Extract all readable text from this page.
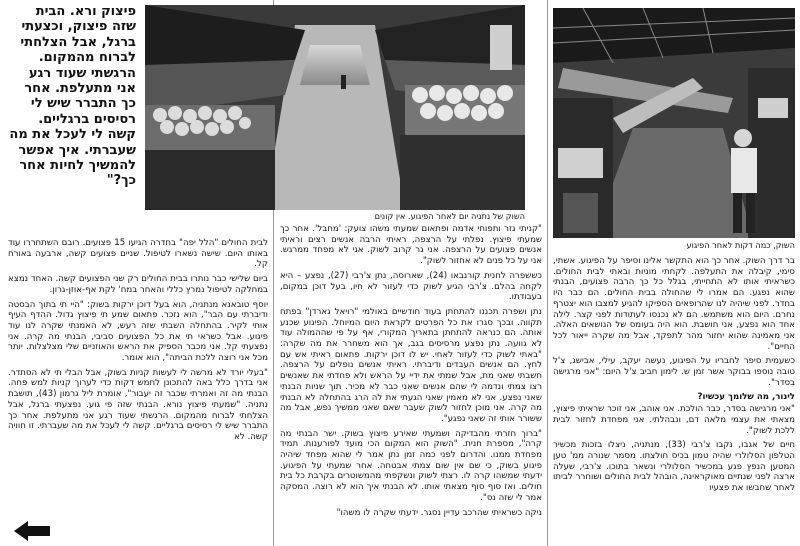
פיצוק ורא. הבית שזה פיצוק, וכצעתי ברגל, אבל הצלחתי לברוח מהמקום. הרגשתי שעוד רגע אני מתעלפת. אחר כך התברר שיש לי רסיסים ברגליים. קשה לי לעכל את מה שעברתי. איך אפשר להמשיך לחיות אחר כך?"
השוק של נתניה יום לאחר הפיגוע. אין קונים
השוק, כמה דקות לאחר הפיגוע

לבית החולים "הלל יפה" בחדרה הגיעו 15 פצועים. רובם השתחררו עוד באותו היום. שישה נשארו לטיפול. שניים פצועים קשה, ארבעה באורח קל.

ביום שלישי כבר נותרו בבית החולים רק שני הפצועים קשה. האחד נמצא במחלקה לטיפול נמרץ כללי והאחר במח' לקת אף-אוזן-גרון.

יוסף טובאנא מנתניה, הוא בעל דוכן ירקות בשוק: "היי תי בתוך הבסטה ודיברתי עם הבר", הוא נזכר. פתאום שמע תי פיצוץ גדול. ההדף העיף אותי לקיר. בהתחלה השבתי שזה רעש, לא האמנתי שקרה לנו עוד פיגוע. אבל כשראי תי את כל הפצועים סביבי, הבנתי מה קרה. אני נפצעתי קל. אני מכבר הספיק את הראש והאוזניים שלי מצלצלות. יותר מכל אני רוצה ללכת הביתה", הוא אומר.

"בעלי יורד לא מרשה לי לעשות קניות בשוק, אבל הבלי תי לא הסתדר. אני בדרך כלל באה להתכונן לחמש דקות כדי לערוך קניות למש פחה. הבנתי מה זה ואמרתי שכבר זה יעבור", אומרת ליל גרמון (43), תושבת נתניה. "שמעתי פיצוץ נורא. הבנתי שזה פי גוע. נפצעתי ברגל, אבל הצלחתי לברוח מהמקום. הרגשתי שעוד רגע אני מתעלפת. אחר כך התברר שיש לי רסיסים ברגליים. קשה לי לעכל את מה שעברתי. זו חוויה קשה. לא

"קניתי גזר ותפוחי אדמה ופתאום שמעתי משהו צועק: 'מחבל'. אחר כך שמעתי פיצוץ. נפלתי על הרצפה, ראיתי הרבה אנשים רצים וראיתי אנשים פצועים על הרצפה. אני גר קרוב לשוק. אני לא מפחד ממרגש. אני על כל פנים לא אחזור לשוק".

כששפרה לחנית קורנבאו (24), שארוסה, נתן צ'רבי (27), נפצע – היא לקחה בהלם. צ'רבי הגיע לשוק כדי לעזור לא חיו, בעל דוכן במקום, בעבודתו.

נתן ושפרה תכננו להתחתן בעוד חודשיים באולמי "רויאל גארדן" בפתח תקווה. ובכך סגרו את כל הפרטים לקראת היום המיוחל. הפיגוע שכנע אותה. הם כנראה להתחתן בתאריך המקורי, אף על פי שההמולה עוד לא גוועה. נתן נפצע מרסיסים בגב, אך הוא משחרר את מה שקרה: "באתי לשוק כדי לעזור לאחי. יש לו דוכן ירקות. פתאום ראיתי אש עם לחץ. הם אנשים העבדים ודיברתי. ראיתי אנשים נופלים על הרצפה. חשבתי שאני מת, אבל שמתי את ידיי על הראש ולא פחדתי את שאנשים רצו צמתי ונדמה לי שהם אנשים שאני כבר לא מכיר. תוך שניות הבנתי שאני נפצע. אני לא מאמין שאני הגעתי את לה הרג בהתחלה לא הבנתי מה קרה. אני מוכן לחזור לשוק שעבר שאם שאני ממשיך נפש, אבל מה ששורר אותי זה שאני נפגע".

"ברוך חזרתי מהבדיקה ושמעתי שאירע פיצוץ בשוק. ישר הבנתי מה קרה", מספרת חנית. "השוק הוא המקום הכי מועד לפורענות. תמיד מפחדת ממנו. והדרום לפני כמה זמן נתן אמר לי שהוא מפחד שיהיה פיגוע בשוק, כי שם אין שום צמתי אבטחה. אחר שמעתי על הפיגוע. ידעתי שמשהו קרה לו. רצתי לשוק ונשקפתי מהמשוטרים בקרבת כל בית חולים. ואז סוף סוף מצאתי אותו. לא הבנתי איך הוא לא רוצה. המסקה אמר לי שזה נס".

ניקה כשראיתי שהרכב עדיין נסגר. ידעתי שקרה לו משהו"

בר דרך השוק. אחר כך הוא התקשר אלינו וסיפר על הפיגוע. אשתי, סימי, קיבלה את התעלפה. לקחתי מוניות ובאתי לבית החולים. כשראיתי אותו לא התחייתי, בגלל כל כך הרבה פצועים, הבנתי שהוא נפגע. הם אמרו לי שהחולה בבית החולים. הם כבר היו בחדר. לפני שיהיה לנו שהרופאים הספיקו להגיע למצבו הוא יצטרף נחרם. היום הוא משתמש. הם לא נכנסו לעתודות לפני קצר. לילה אחד הוא נפצע, אני חושבת. הוא היה בעומס של הנושאים האלה. אני מאמינה שהוא יחזור מהר לתפקד, אבל מה שקרה ייאור לכל החיים".

כשעמית סיפר לחבריו על הפיגוע, נעשה יעקב, עילי, אבישג, צ'ל טובה נוספו בבוקר אשר זמן ש. לימון חביב צ'ל היום: "אני מרגישה בסדר".

לינור, מה שלומך עכשיו?

"אני מרגישה בסדר, כבר הולכת. אני אוהב, אני זוכר שראיתי פיצוץ, מצאתי את עצמי מלאה דם, ונבהלתי. אני מפחדת לחזור לבית ללכת לשוק".

חיים של אגבו, נקבו צ'רבי (33), מנתניה, ניצלו בזכות מכשיר הטלפון הסלולרי שהיה טמון בכיס חולצתו. מסמר שנורה ממ' טען המטען הנפץ פגע במכשיר הסלולרי ונשאר בתוכו. צ'רבי, שעלה ארצה לפני שנתיים מאוקראינה, הובהל לבית החולים ושוחרר לביתו לאחר שחבשו את פצעיו
